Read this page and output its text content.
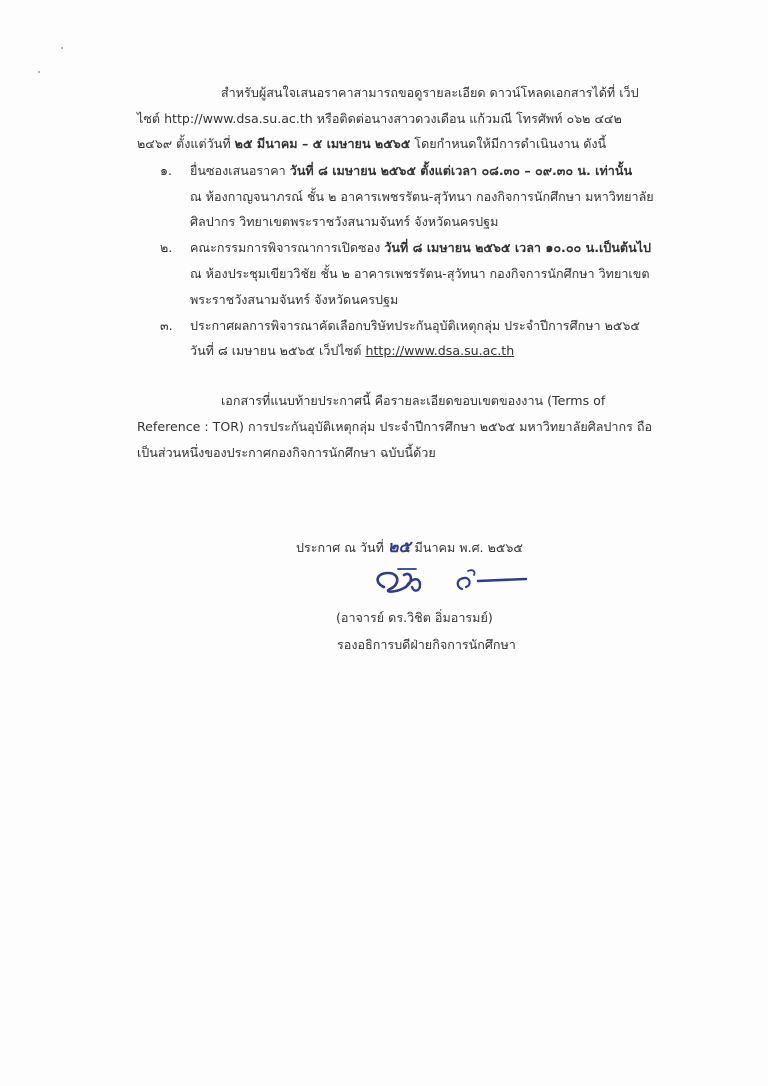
สำหรับผู้สนใจเสนอราคาสามารถขอดูรายละเอียด ดาวน์โหลดเอกสารได้ที่ เว็ป
ไซต์ http://www.dsa.su.ac.th หรือติดต่อนางสาวดวงเดือน แก้วมณี โทรศัพท์ ๐๖๒ ๔๔๒
๒๔๖๙ ตั้งแต่วันที่ ๒๕ มีนาคม – ๕ เมษายน ๒๕๖๕ โดยกำหนดให้มีการดำเนินงาน ดังนี้
๑. ยื่นซองเสนอราคา วันที่ ๘ เมษายน ๒๕๖๕ ตั้งแต่เวลา ๐๘.๓๐ – ๐๙.๓๐ น. เท่านั้น
ณ ห้องกาญจนาภรณ์ ชั้น ๒ อาคารเพชรรัตน-สุวัทนา กองกิจการนักศึกษา มหาวิทยาลัย
ศิลปากร วิทยาเขตพระราชวังสนามจันทร์ จังหวัดนครปฐม
๒. คณะกรรมการพิจารณาการเปิดซอง วันที่ ๘ เมษายน ๒๕๖๕ เวลา ๑๐.๐๐ น.เป็นต้นไป
ณ ห้องประชุมเขียววิชัย ชั้น ๒ อาคารเพชรรัตน-สุวัทนา กองกิจการนักศึกษา วิทยาเขต
พระราชวังสนามจันทร์ จังหวัดนครปฐม
๓. ประกาศผลการพิจารณาคัดเลือกบริษัทประกันอุบัติเหตุกลุ่ม ประจำปีการศึกษา ๒๕๖๕
วันที่ ๘ เมษายน ๒๕๖๕ เว็ปไซต์ http://www.dsa.su.ac.th
เอกสารที่แนบท้ายประกาศนี้ คือรายละเอียดขอบเขตของงาน (Terms of
Reference : TOR) การประกันอุบัติเหตุกลุ่ม ประจำปีการศึกษา ๒๕๖๕ มหาวิทยาลัยศิลปากร ถือ
เป็นส่วนหนึ่งของประกาศกองกิจการนักศึกษา ฉบับนี้ด้วย
ประกาศ ณ วันที่ ๒๕ มีนาคม พ.ศ. ๒๕๖๕
(อาจารย์ ดร.วิชิต อิ่มอารมย์)
รองอธิการบดีฝ่ายกิจการนักศึกษา
